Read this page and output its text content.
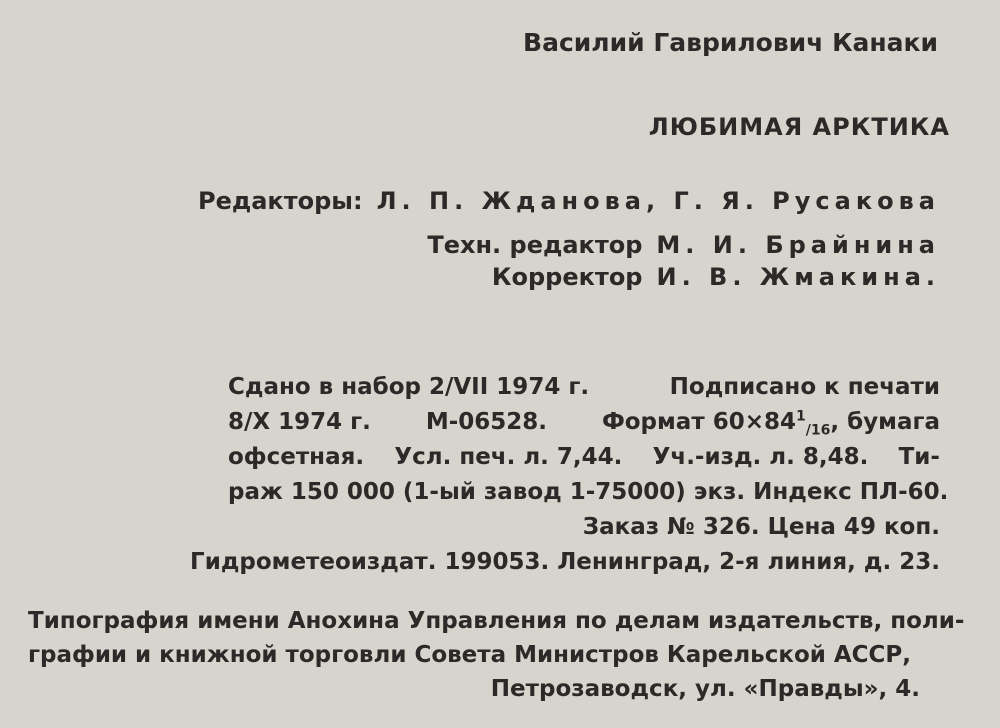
Василий Гаврилович Канаки
ЛЮБИМАЯ АРКТИКА
Редакторы: Л. П. Жданова, Г. Я. Русакова
Техн. редактор М. И. Брайнина
Корректор И. В. Жмакина.
Сдано в набор 2/VII 1974 г.	Подписано к печати
8/X 1974 г. М-06528. Формат $60\times 84^1_{/16}$, бумага
офсетная. Усл. печ. л. 7,44. Уч.-изд. л. 8,48. Ти-
раж 150 000 (1-ый завод 1-75000) экз. Индекс ПЛ-60.
Заказ № 326. Цена 49 коп.
Гидрометеоиздат. 199053. Ленинград, 2-я линия, д. 23.
Типография имени Анохина Управления по делам издательств, поли-
графии и книжной торговли Совета Министров Карельской АССР,
Петрозаводск, ул. «Правды», 4.
